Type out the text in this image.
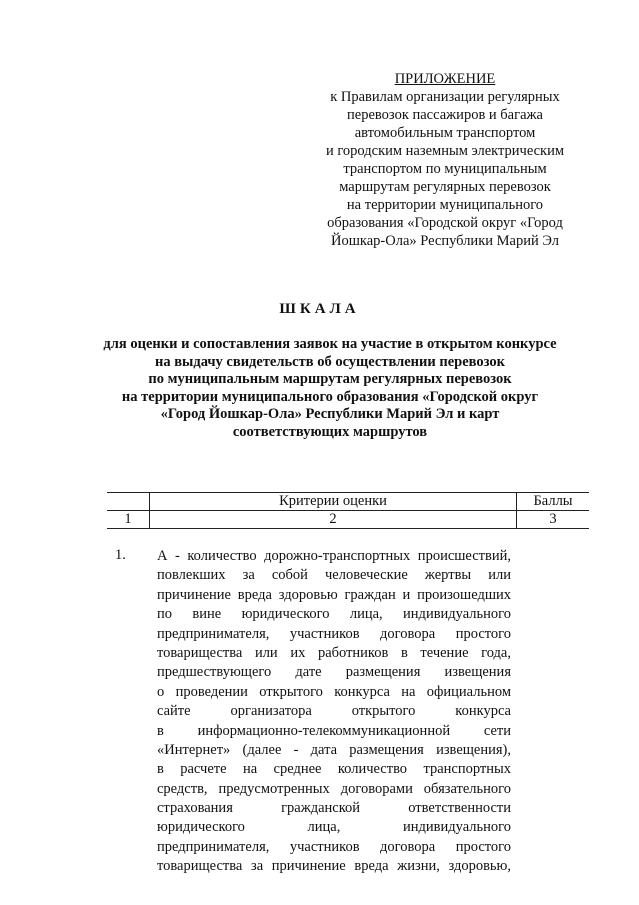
ПРИЛОЖЕНИЕ
к Правилам организации регулярных
перевозок пассажиров и багажа
автомобильным транспортом
и городским наземным электрическим
транспортом по муниципальным
маршрутам регулярных перевозок
на территории муниципального
образования «Городской округ «Город
Йошкар-Ола» Республики Марий Эл
ШКАЛА
для оценки и сопоставления заявок на участие в открытом конкурсе
на выдачу свидетельств об осуществлении перевозок
по муниципальным маршрутам регулярных перевозок
на территории муниципального образования «Городской округ
«Город Йошкар-Ола» Республики Марий Эл и карт
соответствующих маршрутов
	Критерии оценки	Баллы
1	2	3
1. А - количество дорожно-транспортных происшествий,
повлекших за собой человеческие жертвы или
причинение вреда здоровью граждан и произошедших
по вине юридического лица, индивидуального
предпринимателя, участников договора простого
товарищества или их работников в течение года,
предшествующего дате размещения извещения
о проведении открытого конкурса на официальном
сайте организатора открытого конкурса
в информационно-телекоммуникационной сети
«Интернет» (далее - дата размещения извещения),
в расчете на среднее количество транспортных
средств, предусмотренных договорами обязательного
страхования гражданской ответственности
юридического лица, индивидуального
предпринимателя, участников договора простого
товарищества за причинение вреда жизни, здоровью,
